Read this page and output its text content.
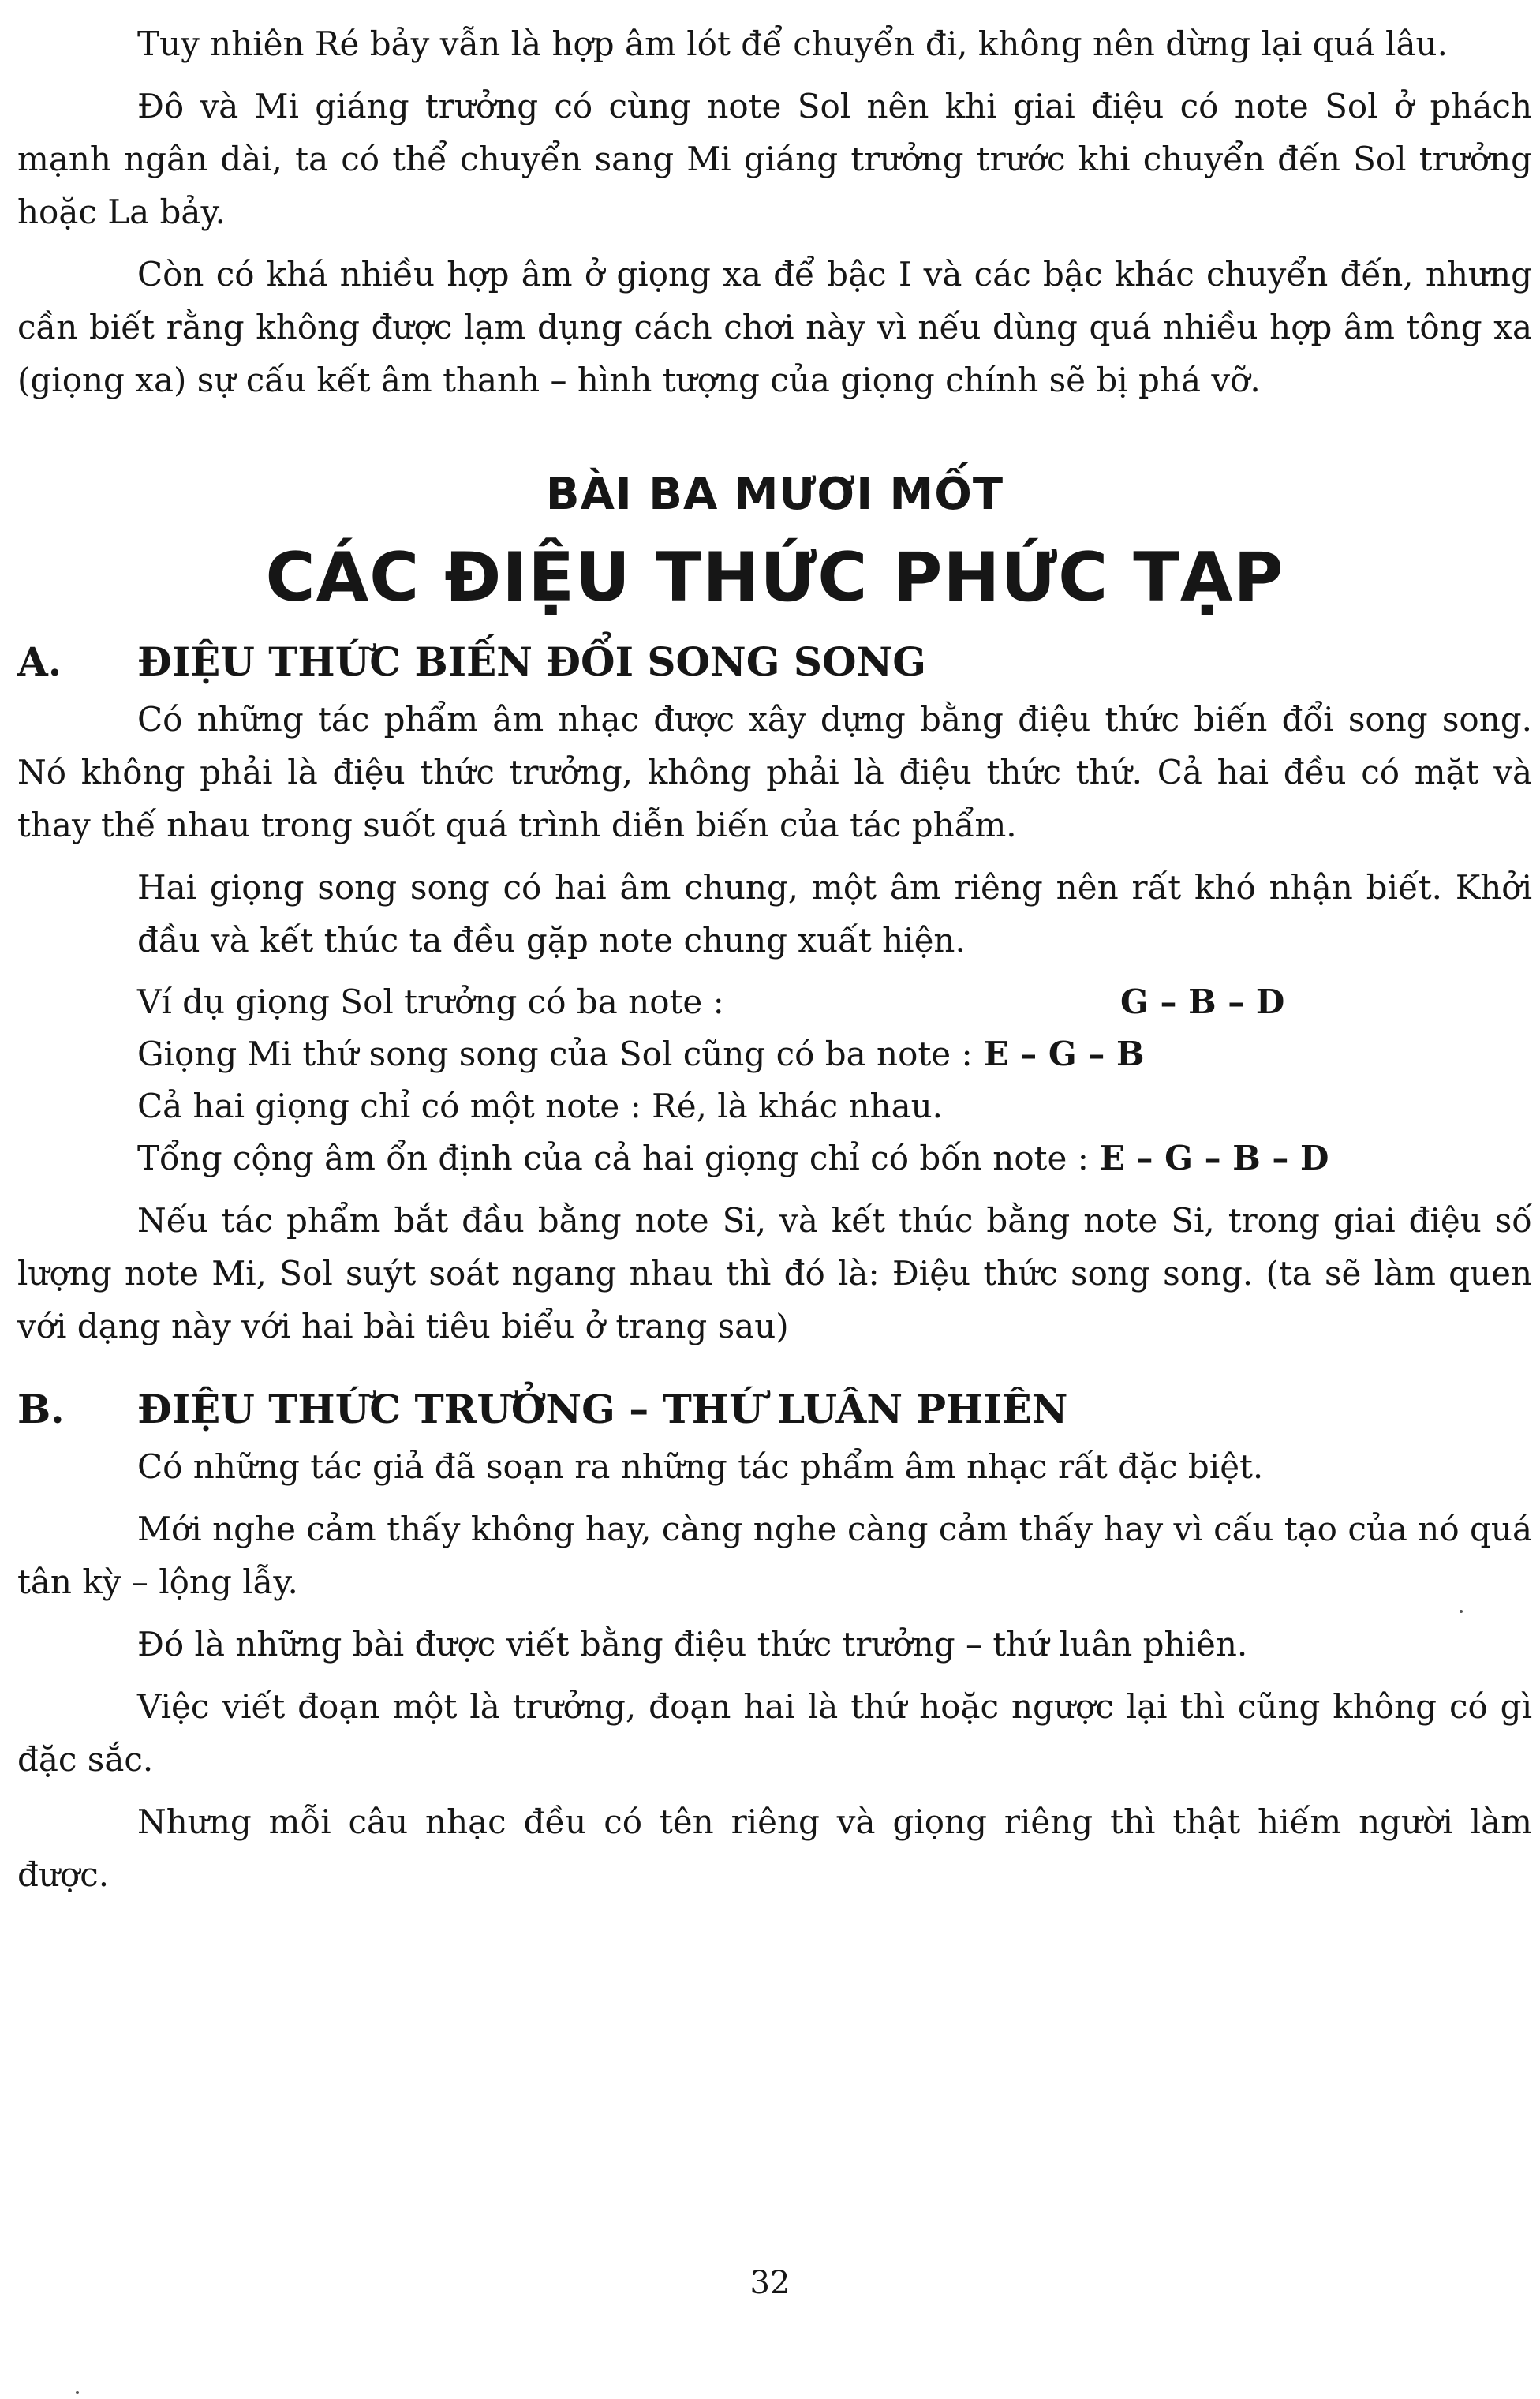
Tuy nhiên Ré bảy vẫn là hợp âm lót để chuyển đi, không nên dừng lại quá lâu.

Đô và Mi giáng trưởng có cùng note Sol nên khi giai điệu có note Sol ở phách mạnh ngân dài, ta có thể chuyển sang Mi giáng trưởng trước khi chuyển đến Sol trưởng hoặc La bảy.

Còn có khá nhiều hợp âm ở giọng xa để bậc I và các bậc khác chuyển đến, nhưng cần biết rằng không được lạm dụng cách chơi này vì nếu dùng quá nhiều hợp âm tông xa (giọng xa) sự cấu kết âm thanh – hình tượng của giọng chính sẽ bị phá vỡ.

BÀI BA MƯƠI MỐT
CÁC ĐIỆU THỨC PHỨC TẠP
A.	ĐIỆU THỨC BIẾN ĐỔI SONG SONG

Có những tác phẩm âm nhạc được xây dựng bằng điệu thức biến đổi song song. Nó không phải là điệu thức trưởng, không phải là điệu thức thứ. Cả hai đều có mặt và thay thế nhau trong suốt quá trình diễn biến của tác phẩm.

Hai giọng song song có hai âm chung, một âm riêng nên rất khó nhận biết. Khởi đầu và kết thúc ta đều gặp note chung xuất hiện.

Ví dụ giọng Sol trưởng có ba note :	G – B – D
Giọng Mi thứ song song của Sol cũng có ba note : E – G – B
Cả hai giọng chỉ có một note : Ré, là khác nhau.
Tổng cộng âm ổn định của cả hai giọng chỉ có bốn note : E – G – B – D

Nếu tác phẩm bắt đầu bằng note Si, và kết thúc bằng note Si, trong giai điệu số lượng note Mi, Sol suýt soát ngang nhau thì đó là: Điệu thức song song. (ta sẽ làm quen với dạng này với hai bài tiêu biểu ở trang sau)

B.	ĐIỆU THỨC TRƯỞNG – THỨ LUÂN PHIÊN

Có những tác giả đã soạn ra những tác phẩm âm nhạc rất đặc biệt.

Mới nghe cảm thấy không hay, càng nghe càng cảm thấy hay vì cấu tạo của nó quá tân kỳ – lộng lẫy.

Đó là những bài được viết bằng điệu thức trưởng – thứ luân phiên.

Việc viết đoạn một là trưởng, đoạn hai là thứ hoặc ngược lại thì cũng không có gì đặc sắc.

Nhưng mỗi câu nhạc đều có tên riêng và giọng riêng thì thật hiếm người làm được.

32
